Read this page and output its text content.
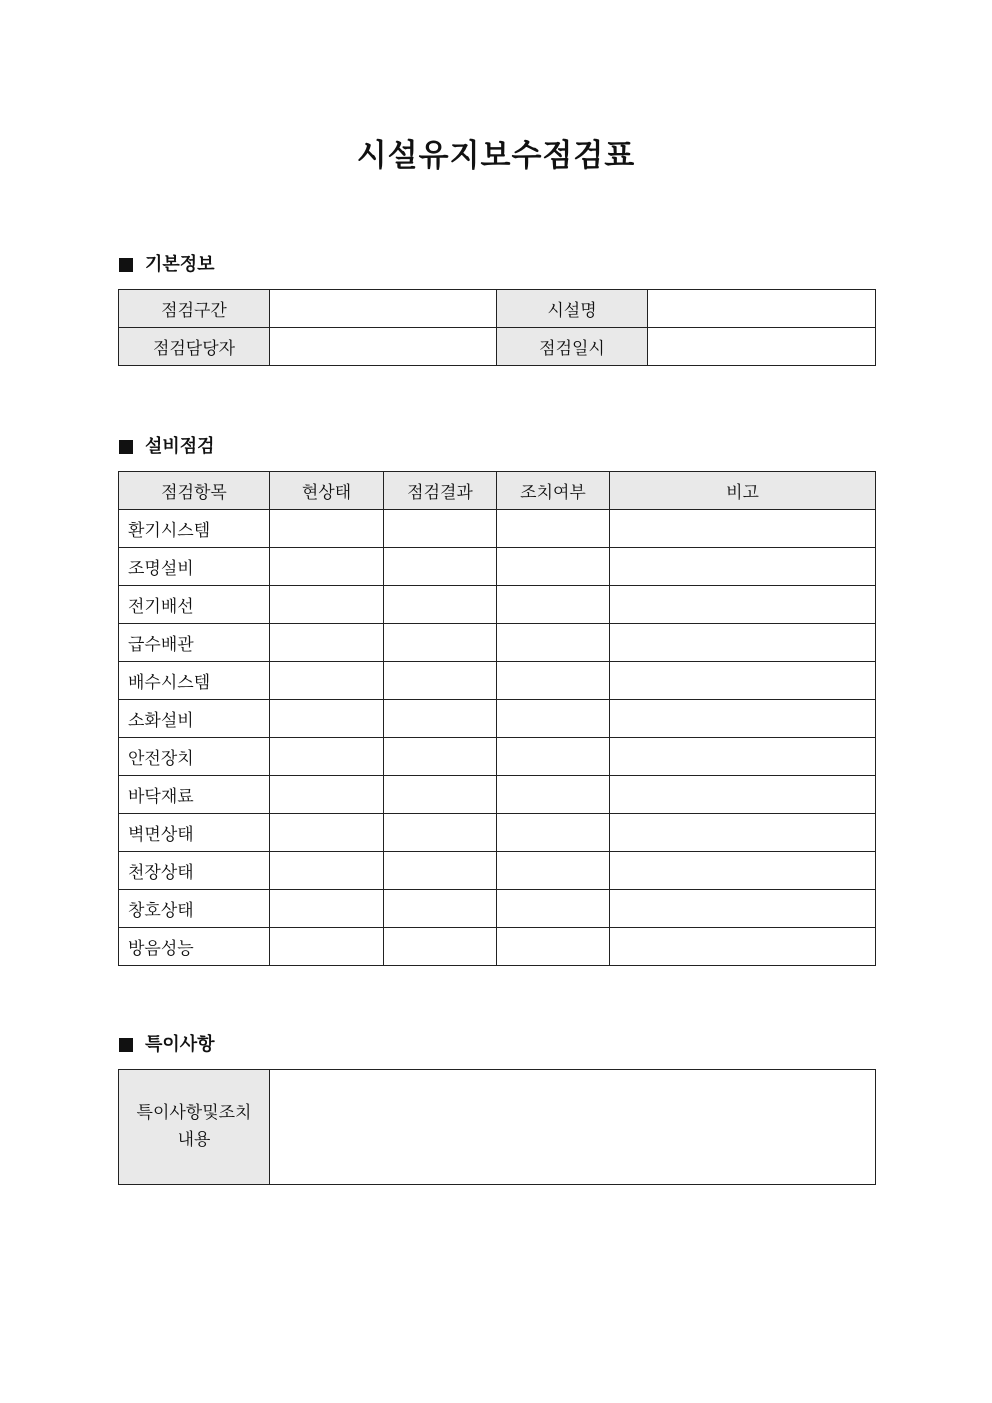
시설유지보수점검표
기본정보
점검구간		시설명	
점검담당자		점검일시	
설비점검
점검항목	현상태	점검결과	조치여부	비고
환기시스템				
조명설비				
전기배선				
급수배관				
배수시스템				
소화설비				
안전장치				
바닥재료				
벽면상태				
천장상태				
창호상태				
방음성능				
특이사항
특이사항및조치
내용	
